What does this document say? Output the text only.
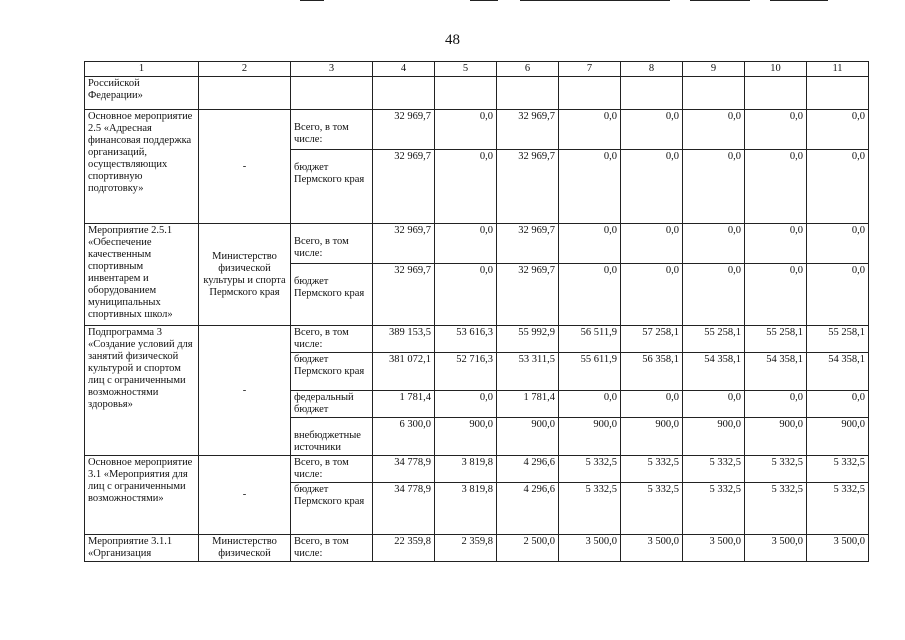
48
1	2	3	4	5	6	7	8	9	10	11
Российской Федерации»										
Основное мероприятие 2.5 «Адресная финансовая поддержка организаций, осуществляющих спортивную подготовку»	-	Всего, в том числе:	32 969,7	0,0	32 969,7	0,0	0,0	0,0	0,0	0,0
		бюджет Пермского края	32 969,7	0,0	32 969,7	0,0	0,0	0,0	0,0	0,0
Мероприятие 2.5.1 «Обеспечение качественным спортивным инвентарем и оборудованием муниципальных спортивных школ»	Министерство физической культуры и спорта Пермского края	Всего, в том числе:	32 969,7	0,0	32 969,7	0,0	0,0	0,0	0,0	0,0
		бюджет Пермского края	32 969,7	0,0	32 969,7	0,0	0,0	0,0	0,0	0,0
Подпрограмма 3 «Создание условий для занятий физической культурой и спортом лиц с ограниченными возможностями здоровья»	-	Всего, в том числе:	389 153,5	53 616,3	55 992,9	56 511,9	57 258,1	55 258,1	55 258,1	55 258,1
		бюджет Пермского края	381 072,1	52 716,3	53 311,5	55 611,9	56 358,1	54 358,1	54 358,1	54 358,1
		федеральный бюджет	1 781,4	0,0	1 781,4	0,0	0,0	0,0	0,0	0,0
		внебюджетные источники	6 300,0	900,0	900,0	900,0	900,0	900,0	900,0	900,0
Основное мероприятие 3.1 «Мероприятия для лиц с ограниченными возможностями»	-	Всего, в том числе:	34 778,9	3 819,8	4 296,6	5 332,5	5 332,5	5 332,5	5 332,5	5 332,5
		бюджет Пермского края	34 778,9	3 819,8	4 296,6	5 332,5	5 332,5	5 332,5	5 332,5	5 332,5
Мероприятие 3.1.1 «Организация	Министерство физической	Всего, в том числе:	22 359,8	2 359,8	2 500,0	3 500,0	3 500,0	3 500,0	3 500,0	3 500,0
